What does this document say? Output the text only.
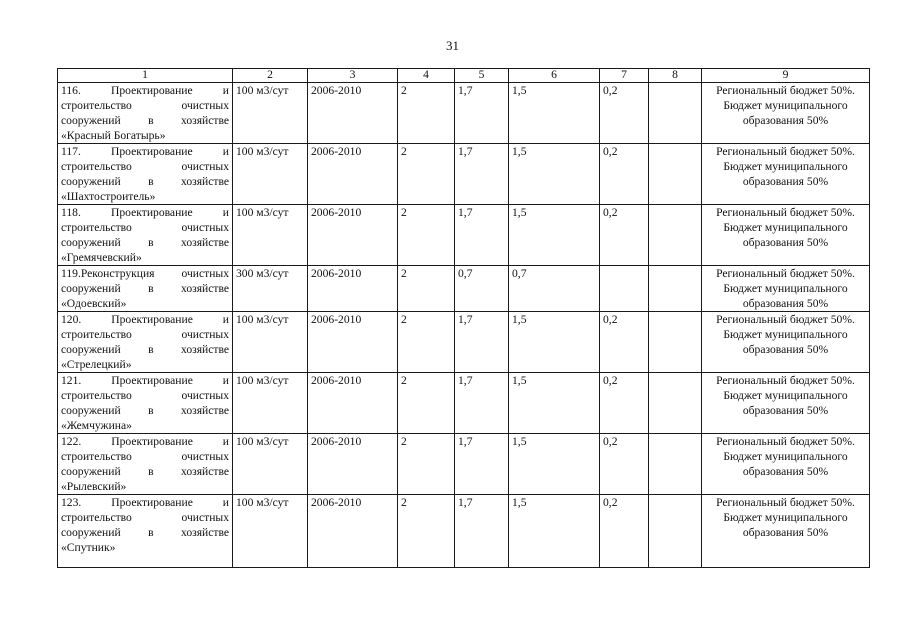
31
1	2	3	4	5	6	7	8	9
116. Проектирование и строительство очистных сооружений в хозяйстве «Красный Богатырь»	100 м3/сут	2006-2010	2	1,7	1,5	0,2		Региональный бюджет 50%. Бюджет муниципального образования 50%
117. Проектирование и строительство очистных сооружений в хозяйстве «Шахтостроитель»	100 м3/сут	2006-2010	2	1,7	1,5	0,2		Региональный бюджет 50%. Бюджет муниципального образования 50%
118. Проектирование и строительство очистных сооружений в хозяйстве «Гремячевский»	100 м3/сут	2006-2010	2	1,7	1,5	0,2		Региональный бюджет 50%. Бюджет муниципального образования 50%
119.Реконструкция очистных сооружений в хозяйстве «Одоевский»	300 м3/сут	2006-2010	2	0,7	0,7			Региональный бюджет 50%. Бюджет муниципального образования 50%
120. Проектирование и строительство очистных сооружений в хозяйстве «Стрелецкий»	100 м3/сут	2006-2010	2	1,7	1,5	0,2		Региональный бюджет 50%. Бюджет муниципального образования 50%
121. Проектирование и строительство очистных сооружений в хозяйстве «Жемчужина»	100 м3/сут	2006-2010	2	1,7	1,5	0,2		Региональный бюджет 50%. Бюджет муниципального образования 50%
122. Проектирование и строительство очистных сооружений в хозяйстве «Рылевский»	100 м3/сут	2006-2010	2	1,7	1,5	0,2		Региональный бюджет 50%. Бюджет муниципального образования 50%
123. Проектирование и строительство очистных сооружений в хозяйстве «Спутник»	100 м3/сут	2006-2010	2	1,7	1,5	0,2		Региональный бюджет 50%. Бюджет муниципального образования 50%
